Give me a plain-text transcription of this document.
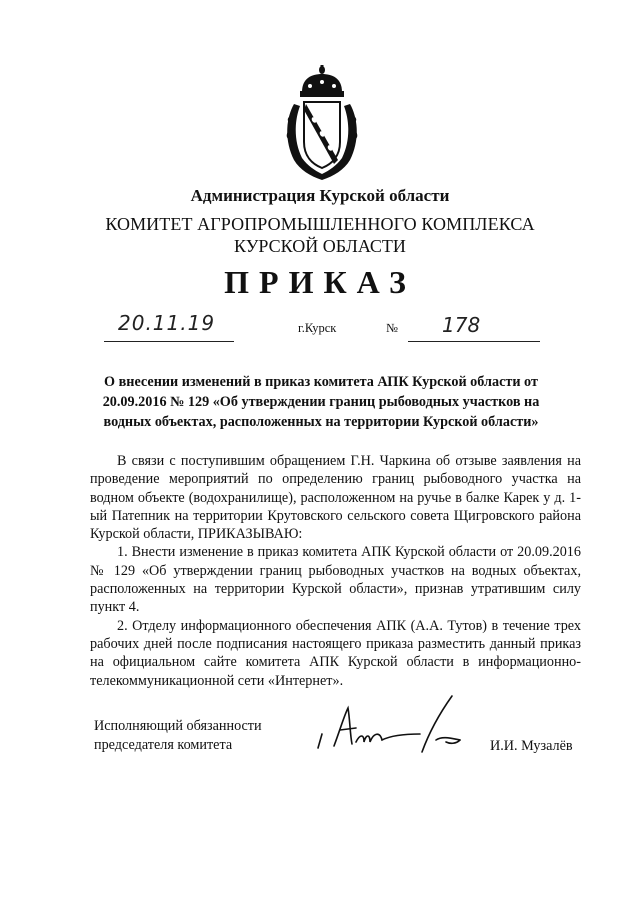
Администрация Курской области
КОМИТЕТ АГРОПРОМЫШЛЕННОГО КОМПЛЕКСА
КУРСКОЙ ОБЛАСТИ
ПРИКАЗ
20.11.19	г.Курск	№ 178
О внесении изменений в приказ комитета АПК Курской области от 20.09.2016 № 129 «Об утверждении границ рыбоводных участков на водных объектах, расположенных на территории Курской области»

В связи с поступившим обращением Г.Н. Чаркина об отзыве заявления на проведение мероприятий по определению границ рыбоводного участка на водном объекте (водохранилище), расположенном на ручье в балке Карек у д. 1-ый Патепник на территории Крутовского сельского совета Щигровского района Курской области, ПРИКАЗЫВАЮ:

1. Внести изменение в приказ комитета АПК Курской области от 20.09.2016 № 129 «Об утверждении границ рыбоводных участков на водных объектах, расположенных на территории Курской области», признав утратившим силу пункт 4.

2. Отделу информационного обеспечения АПК (А.А. Тутов) в течение трех рабочих дней после подписания настоящего приказа разместить данный приказ на официальном сайте комитета АПК Курской области в информационно-телекоммуникационной сети «Интернет».

Исполняющий обязанности
председателя комитета	И.И. Музалёв
